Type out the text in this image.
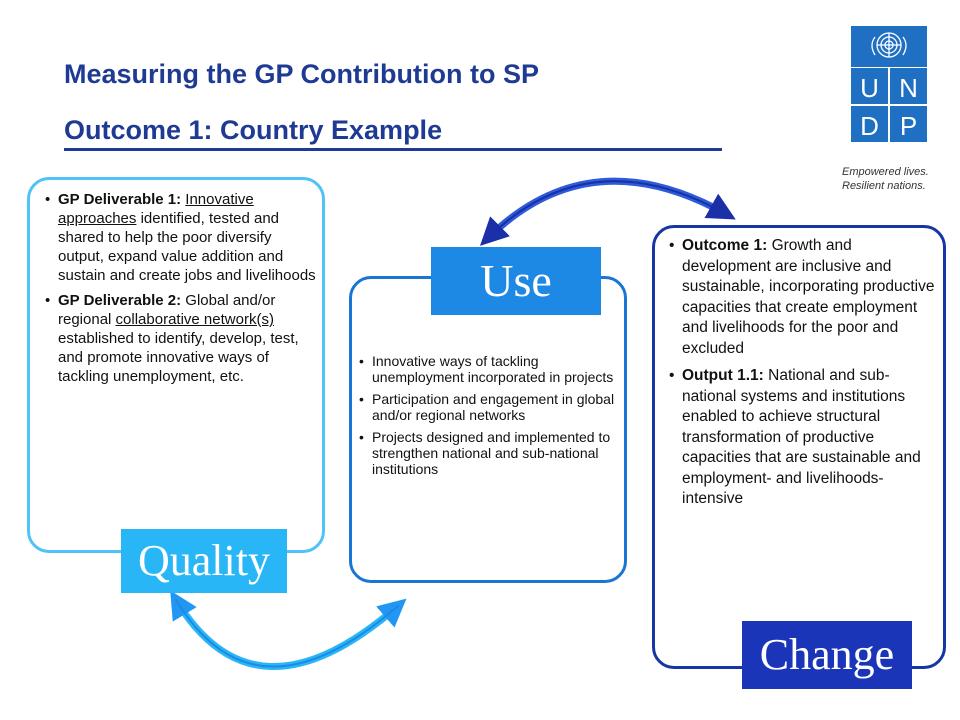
Measuring the GP Contribution to SP
Outcome 1: Country Example
U N
D P
Empowered lives.
Resilient nations.
• GP Deliverable 1: Innovative approaches identified, tested and shared to help the poor diversify output, expand value addition and sustain and create jobs and livelihoods
• GP Deliverable 2: Global and/or regional collaborative network(s) established to identify, develop, test, and promote innovative ways of tackling unemployment, etc.
• Innovative ways of tackling unemployment incorporated in projects
• Participation and engagement in global and/or regional networks
• Projects designed and implemented to strengthen national and sub-national institutions
• Outcome 1: Growth and development are inclusive and sustainable, incorporating productive capacities that create employment and livelihoods for the poor and excluded
• Output 1.1: National and sub-national systems and institutions enabled to achieve structural transformation of productive capacities that are sustainable and employment- and livelihoods- intensive
Quality
Use
Change
